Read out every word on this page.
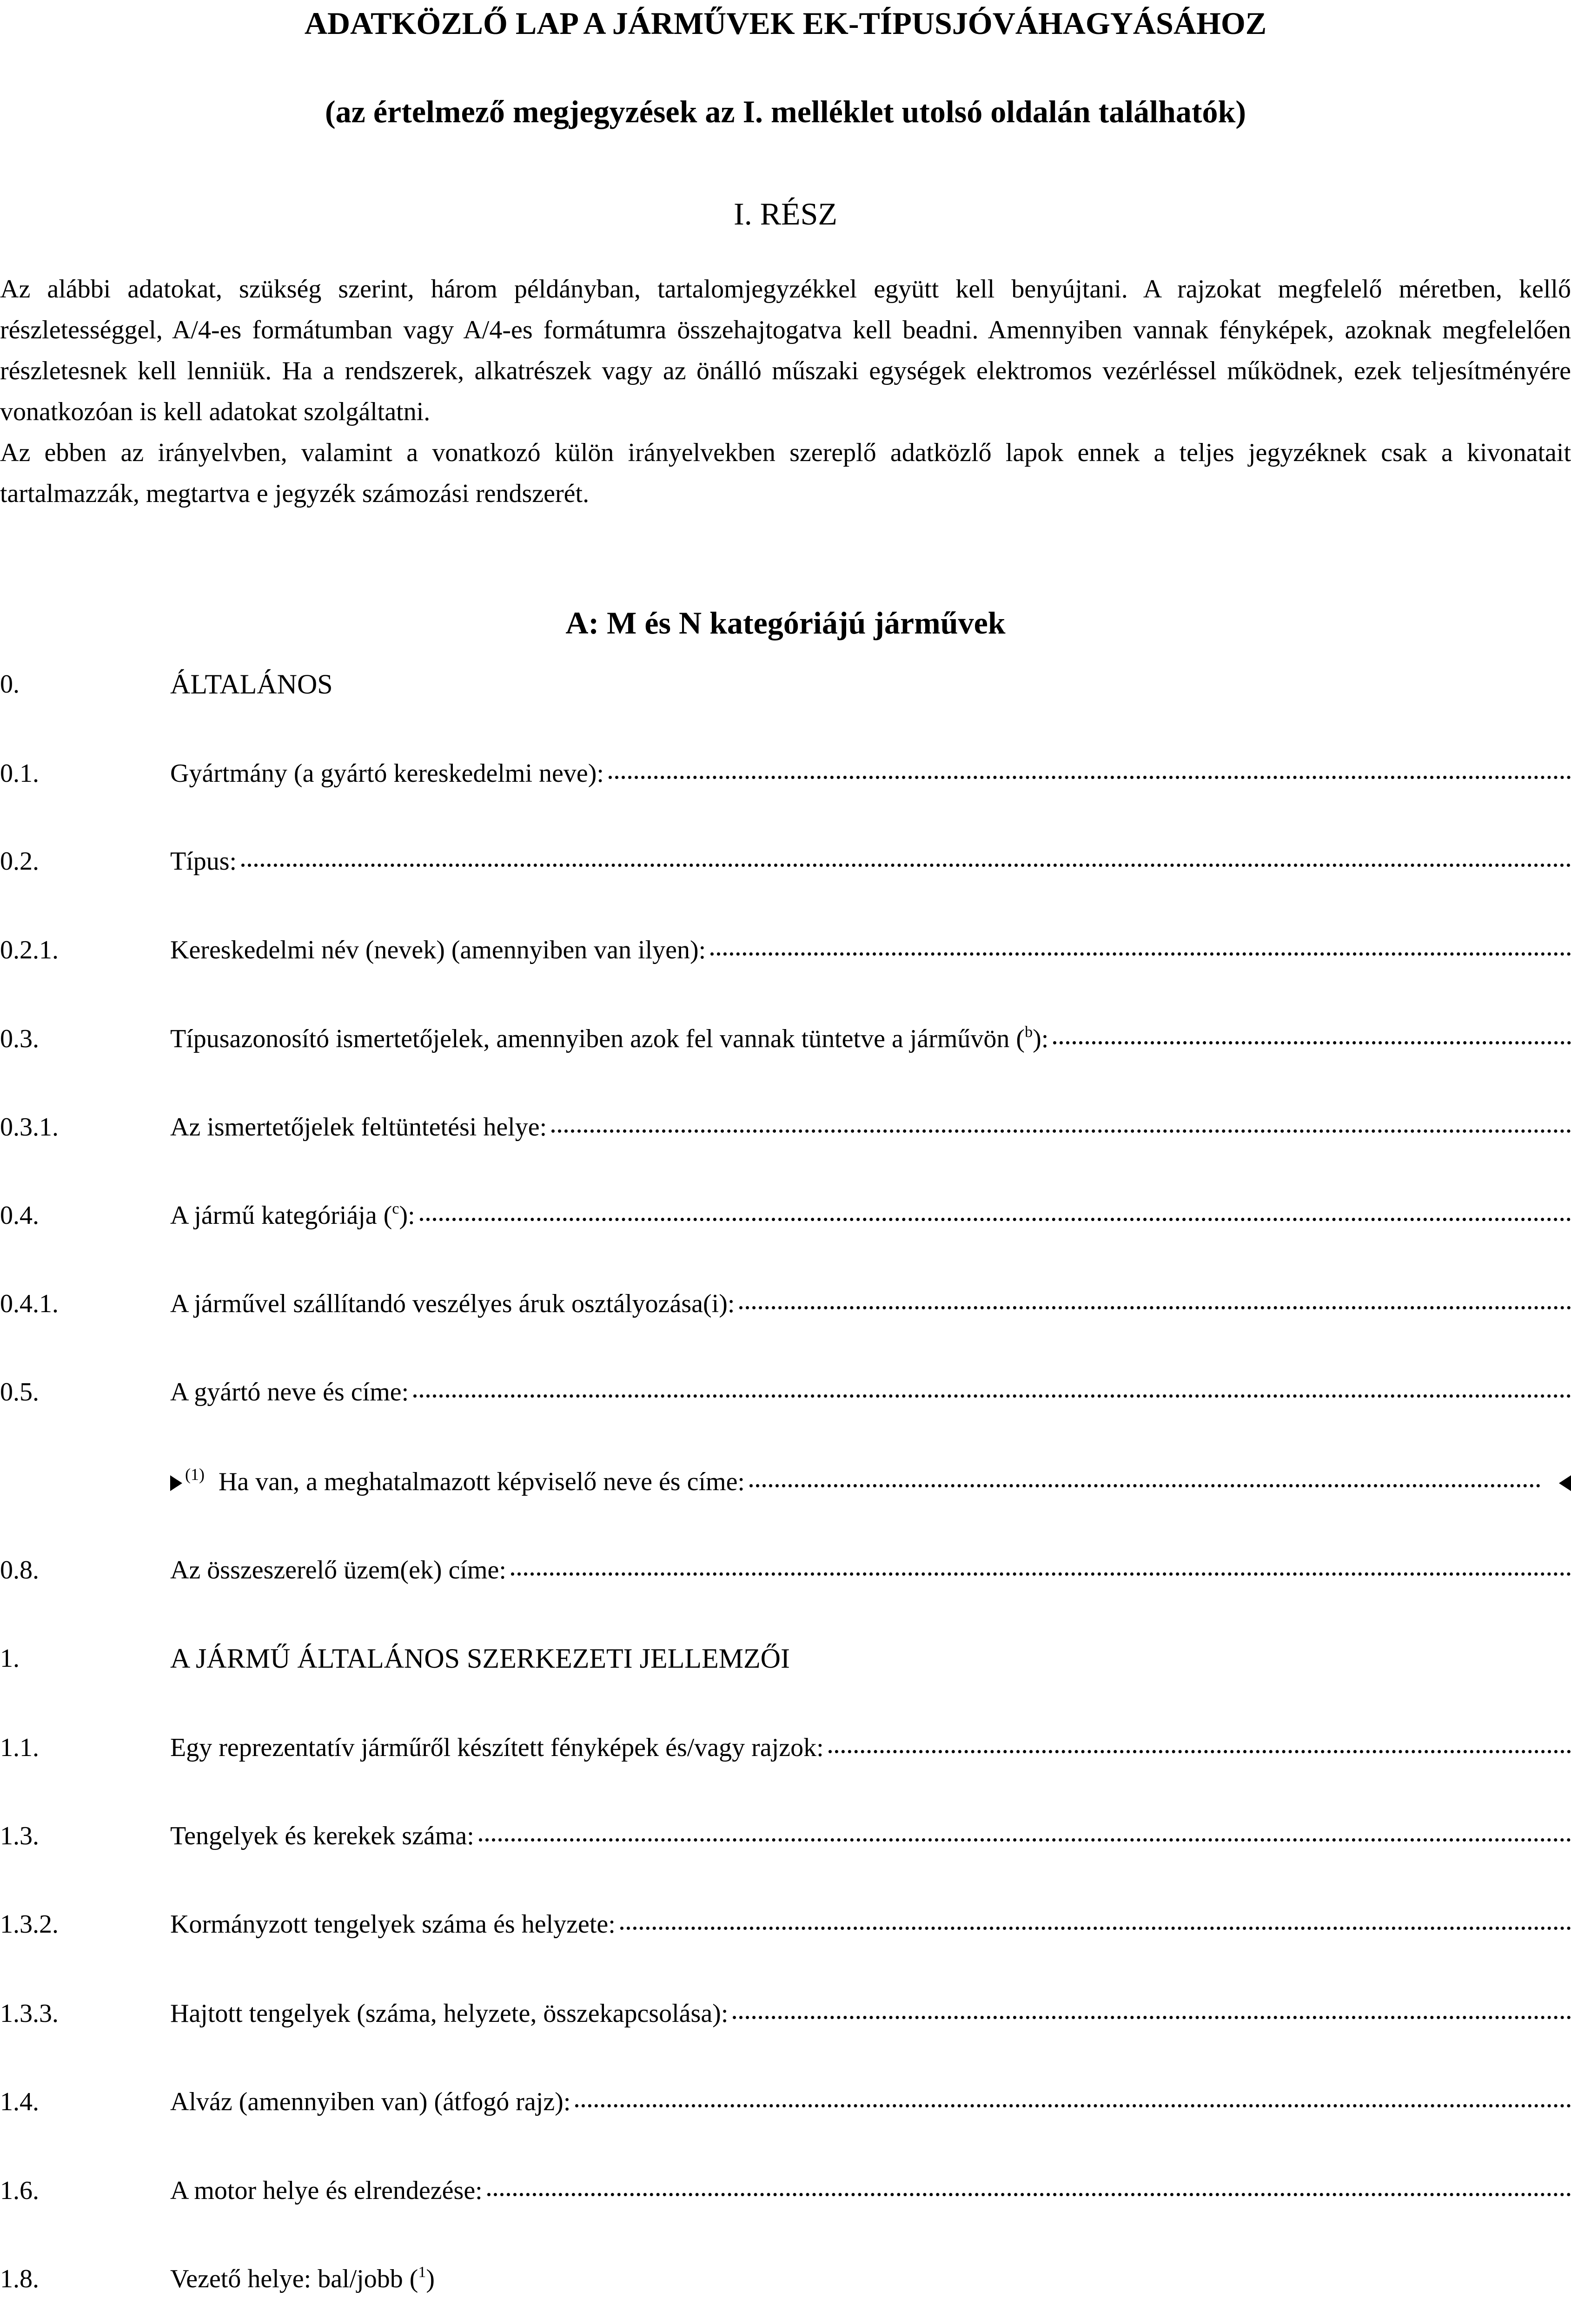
ADATKÖZLŐ LAP A JÁRMŰVEK EK-TÍPUSJÓVÁHAGYÁSÁHOZ
(az értelmező megjegyzések az I. melléklet utolsó oldalán találhatók)
I. RÉSZ

Az alábbi adatokat, szükség szerint, három példányban, tartalomjegyzékkel együtt kell benyújtani. A rajzokat megfelelő méretben, kellő részletességgel, A/4-es formátumban vagy A/4-es formátumra összehajtogatva kell beadni. Amennyiben vannak fényképek, azoknak megfelelően részletesnek kell lenniük. Ha a rendszerek, alkatrészek vagy az önálló műszaki egységek elektromos vezérléssel működnek, ezek teljesítményére vonatkozóan is kell adatokat szolgáltatni.

Az ebben az irányelvben, valamint a vonatkozó külön irányelvekben szereplő adatközlő lapok ennek a teljes jegyzéknek csak a kivonatait tartalmazzák, megtartva e jegyzék számozási rendszerét.

A: M és N kategóriájú járművek
0.	ÁLTALÁNOS
0.1.	Gyártmány (a gyártó kereskedelmi neve):
0.2.	Típus:
0.2.1.	Kereskedelmi név (nevek) (amennyiben van ilyen):
0.3.	Típusazonosító ismertetőjelek, amennyiben azok fel vannak tüntetve a járművön ( b ):
0.3.1.	Az ismertetőjelek feltüntetési helye:
0.4.	A jármű kategóriája ( c ):
0.4.1.	A járművel szállítandó veszélyes áruk osztályozása(i):
0.5.	A gyártó neve és címe:
(1) Ha van, a meghatalmazott képviselő neve és címe:
0.8.	Az összeszerelő üzem(ek) címe:
1.	A JÁRMŰ ÁLTALÁNOS SZERKEZETI JELLEMZŐI
1.1.	Egy reprezentatív járműről készített fényképek és/vagy rajzok:
1.3.	Tengelyek és kerekek száma:
1.3.2.	Kormányzott tengelyek száma és helyzete:
1.3.3.	Hajtott tengelyek (száma, helyzete, összekapcsolása):
1.4.	Alváz (amennyiben van) (átfogó rajz):
1.6.	A motor helye és elrendezése:
1.8.	Vezető helye: bal/jobb ( 1 )
